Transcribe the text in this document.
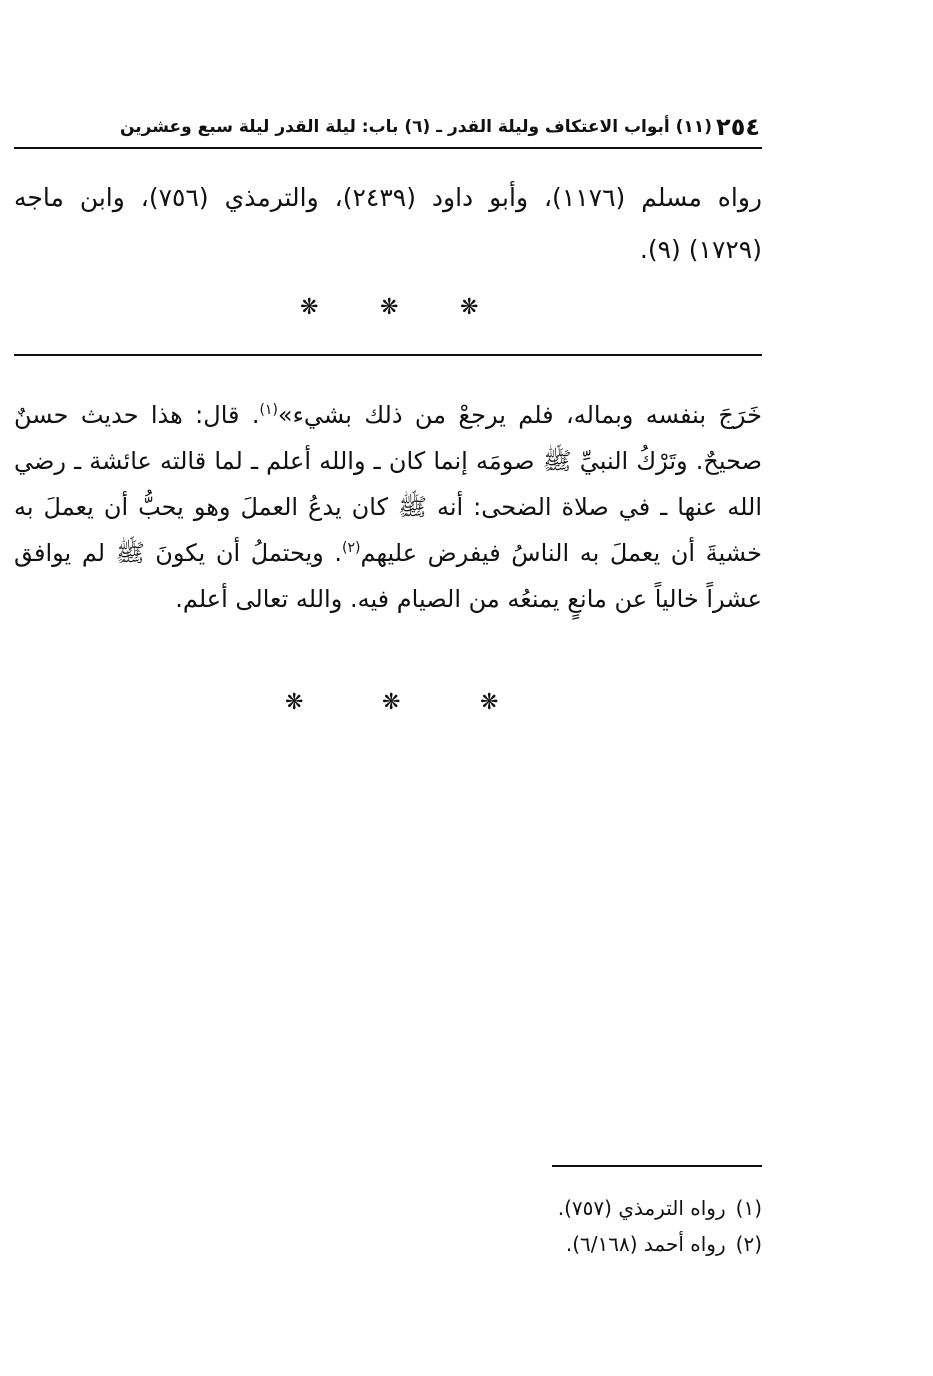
٢٥٤
(١١) أبواب الاعتكاف وليلة القدر ـ (٦) باب: ليلة القدر ليلة سبع وعشرين

رواه مسلم (١١٧٦)، وأبو داود (٢٤٣٩)، والترمذي (٧٥٦)، وابن ماجه (١٧٢٩) (٩).

❋	❋	❋

خَرَجَ بنفسه وبماله، فلم يرجعْ من ذلك بشيء»$^{(١)}$. قال: هذا حديث حسنٌ صحيحٌ. وتَرْكُ النبيِّ ﷺ صومَه إنما كان ـ والله أعلم ـ لما قالته عائشة ـ رضي الله عنها ـ في صلاة الضحى: أنه ﷺ كان يدعُ العملَ وهو يحبُّ أن يعملَ به خشيةَ أن يعملَ به الناسُ فيفرض عليهم$^{(٢)}$. ويحتملُ أن يكونَ ﷺ لم يوافق عشراً خالياً عن مانعٍ يمنعُه من الصيام فيه. والله تعالى أعلم.

❋	❋	❋
(١)رواه الترمذي (٧٥٧).
(٢)رواه أحمد (٦/١٦٨).
